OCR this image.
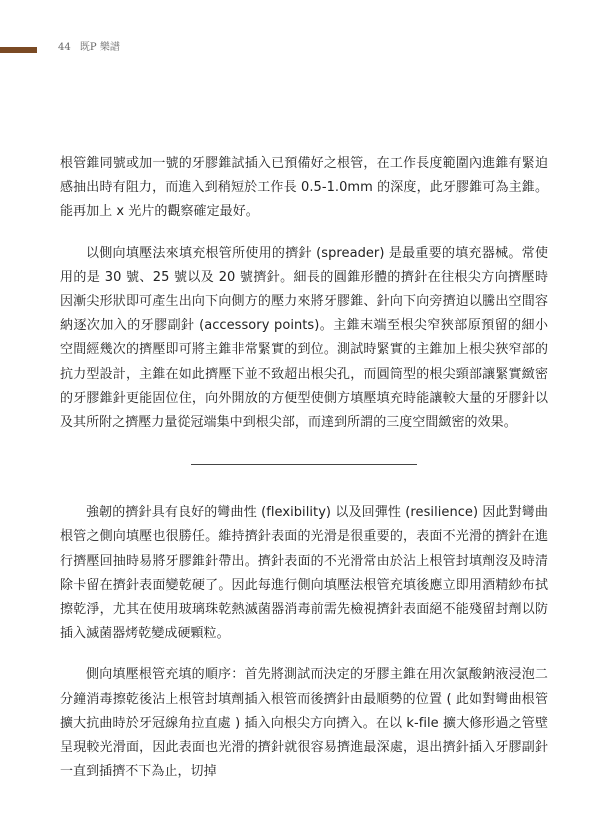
44 既P 樂譜

根管錐同號或加一號的牙膠錐試插入已預備好之根管，在工作長度範圍內進錐有緊迫感抽出時有阻力，而進入到稍短於工作長 0.5-1.0mm 的深度，此牙膠錐可為主錐。能再加上 x 光片的觀察確定最好。

以側向填壓法來填充根管所使用的擠針 (spreader) 是最重要的填充器械。常使用的是 30 號、25 號以及 20 號擠針。細長的圓錐形體的擠針在往根尖方向擠壓時因漸尖形狀即可產生出向下向側方的壓力來將牙膠錐、針向下向旁擠迫以騰出空間容納逐次加入的牙膠副針 (accessory points)。主錐末端至根尖窄狹部原預留的細小空間經幾次的擠壓即可將主錐非常緊實的到位。測試時緊實的主錐加上根尖狹窄部的抗力型設計，主錐在如此擠壓下並不致超出根尖孔，而圓筒型的根尖頸部讓緊實緻密的牙膠錐針更能固位住，向外開放的方便型使側方填壓填充時能讓較大量的牙膠針以及其所附之擠壓力量從冠端集中到根尖部，而達到所謂的三度空間緻密的效果。

強韌的擠針具有良好的彎曲性 (flexibility) 以及回彈性 (resilience) 因此對彎曲根管之側向填壓也很勝任。維持擠針表面的光滑是很重要的，表面不光滑的擠針在進行擠壓回抽時易將牙膠錐針帶出。擠針表面的不光滑常由於沾上根管封填劑沒及時清除卡留在擠針表面變乾硬了。因此每進行側向填壓法根管充填後應立即用酒精紗布拭擦乾淨，尤其在使用玻璃珠乾熱滅菌器消毒前需先檢視擠針表面絕不能殘留封劑以防插入滅菌器烤乾變成硬顆粒。

側向填壓根管充填的順序：首先將測試而決定的牙膠主錐在用次氯酸鈉液浸泡二分鐘消毒擦乾後沾上根管封填劑插入根管而後擠針由最順勢的位置 ( 此如對彎曲根管擴大抗曲時於牙冠線角拉直處 ) 插入向根尖方向擠入。在以 k-file 擴大修形過之管壁呈現較光滑面，因此表面也光滑的擠針就很容易擠進最深處，退出擠針插入牙膠副針一直到插擠不下為止，切掉
